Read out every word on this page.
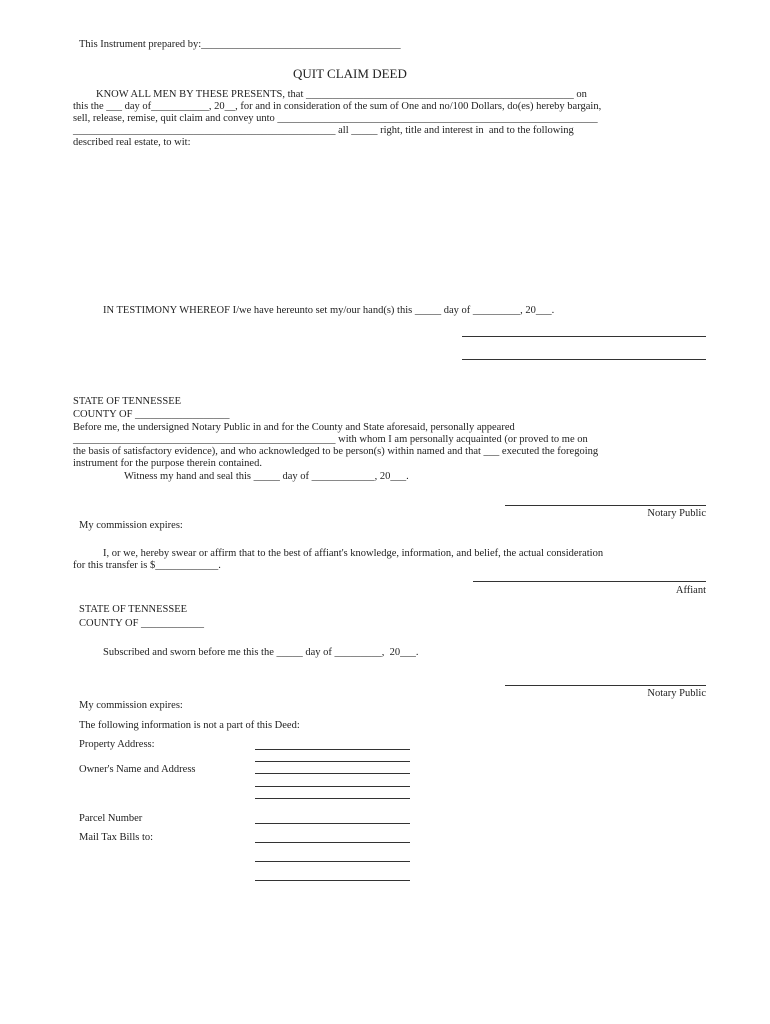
This Instrument prepared by:______________________________________
QUIT CLAIM DEED
KNOW ALL MEN BY THESE PRESENTS, that ___________________________________________________ on
this the ___ day of___________, 20__, for and in consideration of the sum of One and no/100 Dollars, do(es) hereby bargain,
sell, release, remise, quit claim and convey unto _____________________________________________________________
__________________________________________________ all _____ right, title and interest in  and to the following
described real estate, to wit:
IN TESTIMONY WHEREOF I/we have hereunto set my/our hand(s) this _____ day of _________, 20___.
STATE OF TENNESSEE
COUNTY OF __________________
Before me, the undersigned Notary Public in and for the County and State aforesaid, personally appeared
__________________________________________________ with whom I am personally acquainted (or proved to me on
the basis of satisfactory evidence), and who acknowledged to be person(s) within named and that ___ executed the foregoing
instrument for the purpose therein contained.
Witness my hand and seal this _____ day of ____________, 20___.
Notary Public
My commission expires:
I, or we, hereby swear or affirm that to the best of affiant's knowledge, information, and belief, the actual consideration
for this transfer is $____________.
Affiant
STATE OF TENNESSEE
COUNTY OF ____________
Subscribed and sworn before me this the _____ day of _________,  20___.
Notary Public
My commission expires:
The following information is not a part of this Deed:
Property Address:
Owner's Name and Address
Parcel Number
Mail Tax Bills to:
